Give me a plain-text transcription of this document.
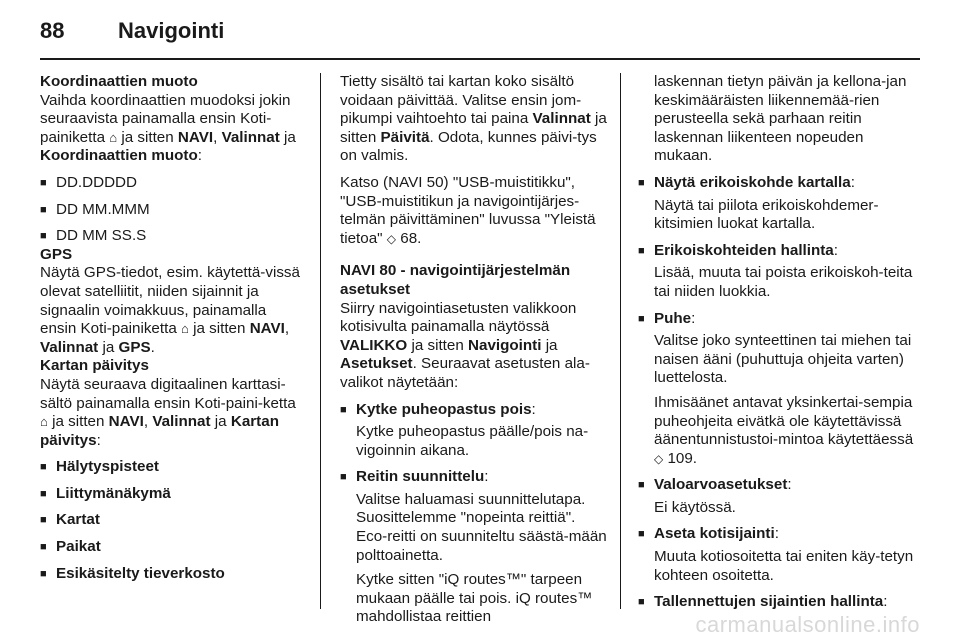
88	Navigointi

Koordinaattien muoto

Vaihda koordinaattien muodoksi jokin seuraavista painamalla ensin Koti-painiketta ⌂ ja sitten NAVI, Valinnat ja Koordinaattien muoto:

■ DD.DDDDD

■ DD MM.MMM

■ DD MM SS.S

GPS

Näytä GPS-tiedot, esim. käytettä-vissä olevat satelliitit, niiden sijainnit ja signaalin voimakkuus, painamalla ensin Koti-painiketta ⌂ ja sitten NAVI, Valinnat ja GPS.

Kartan päivitys

Näytä seuraava digitaalinen karttasi-sältö painamalla ensin Koti-paini-ketta ⌂ ja sitten NAVI, Valinnat ja Kartan päivitys:

■ Hälytyspisteet

■ Liittymänäkymä

■ Kartat

■ Paikat

■ Esikäsitelty tieverkosto

Tietty sisältö tai kartan koko sisältö voidaan päivittää. Valitse ensin jom-pikumpi vaihtoehto tai paina Valinnat ja sitten Päivitä. Odota, kunnes päivi-tys on valmis.

Katso (NAVI 50) "USB-muistitikku", "USB-muistitikun ja navigointijärjes-telmän päivittäminen" luvussa "Yleistä tietoa" ◇ 68.

NAVI 80 - navigointijärjestelmän asetukset

Siirry navigointiasetusten valikkoon kotisivulta painamalla näytössä VALIKKO ja sitten Navigointi ja Asetukset. Seuraavat asetusten ala-valikot näytetään:

■ Kytke puheopastus pois:

Kytke puheopastus päälle/pois na-vigoinnin aikana.

■ Reitin suunnittelu:

Valitse haluamasi suunnittelutapa. Suosittelemme "nopeinta reittiä". Eco-reitti on suunniteltu säästä-mään polttoainetta.

Kytke sitten "iQ routes™" tarpeen mukaan päälle tai pois. iQ routes™ mahdollistaa reittien

laskennan tietyn päivän ja kellona-jan keskimääräisten liikennemää-rien perusteella sekä parhaan reitin laskennan liikenteen nopeuden mukaan.

■ Näytä erikoiskohde kartalla:

Näytä tai piilota erikoiskohdemer-kitsimien luokat kartalla.

■ Erikoiskohteiden hallinta:

Lisää, muuta tai poista erikoiskoh-teita tai niiden luokkia.

■ Puhe:

Valitse joko synteettinen tai miehen tai naisen ääni (puhuttuja ohjeita varten) luettelosta.

Ihmisäänet antavat yksinkertai-sempia puheohjeita eivätkä ole käytettävissä äänentunnistustoi-mintoa käytettäessä ◇ 109.

■ Valoarvoasetukset:

Ei käytössä.

■ Aseta kotisijainti:

Muuta kotiosoitetta tai eniten käy-tetyn kohteen osoitetta.

■ Tallennettujen sijaintien hallinta:

carmanualsonline.info
